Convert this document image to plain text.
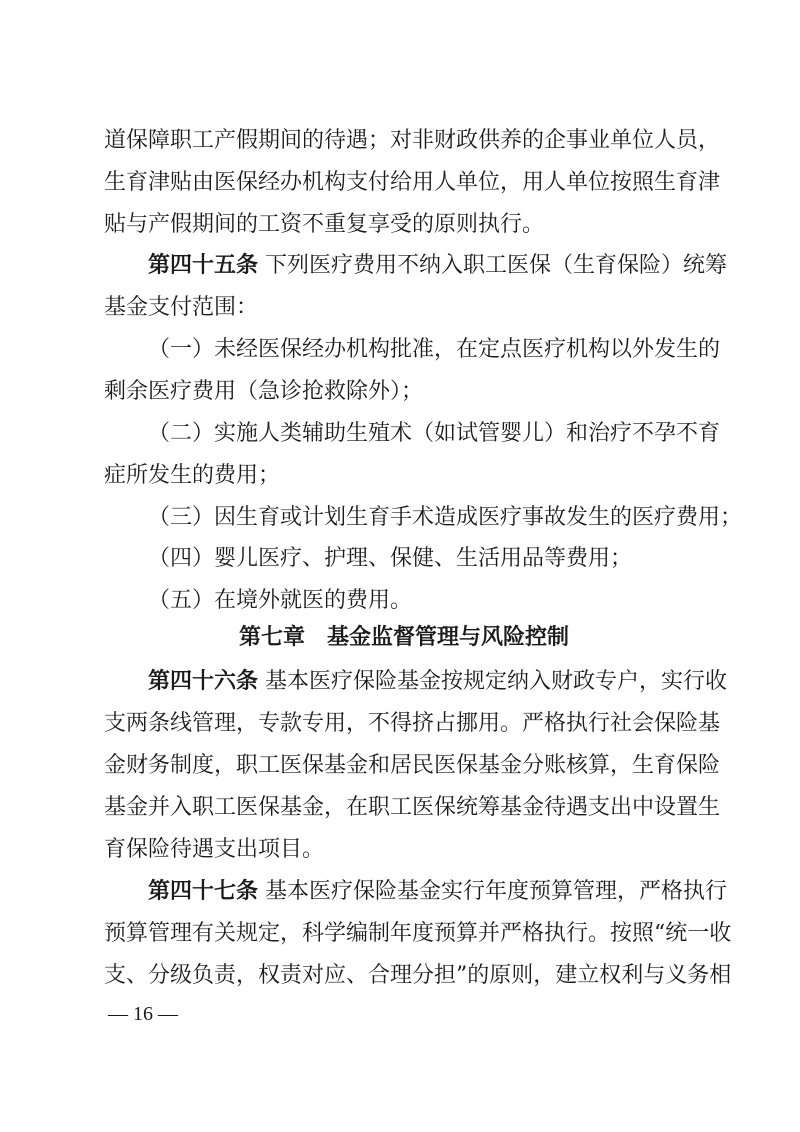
道保障职工产假期间的待遇；对非财政供养的企事业单位人员，
生育津贴由医保经办机构支付给用人单位，用人单位按照生育津
贴与产假期间的工资不重复享受的原则执行。
第四十五条 下列医疗费用不纳入职工医保（生育保险）统筹
基金支付范围：
（一）未经医保经办机构批准，在定点医疗机构以外发生的
剩余医疗费用（急诊抢救除外）；
（二）实施人类辅助生殖术（如试管婴儿）和治疗不孕不育
症所发生的费用；
（三）因生育或计划生育手术造成医疗事故发生的医疗费用；
（四）婴儿医疗、护理、保健、生活用品等费用；
（五）在境外就医的费用。
第七章　基金监督管理与风险控制
第四十六条 基本医疗保险基金按规定纳入财政专户，实行收
支两条线管理，专款专用，不得挤占挪用。严格执行社会保险基
金财务制度，职工医保基金和居民医保基金分账核算，生育保险
基金并入职工医保基金，在职工医保统筹基金待遇支出中设置生
育保险待遇支出项目。
第四十七条 基本医疗保险基金实行年度预算管理，严格执行
预算管理有关规定，科学编制年度预算并严格执行。按照“统一收
支、分级负责，权责对应、合理分担”的原则，建立权利与义务相
— 16 —
